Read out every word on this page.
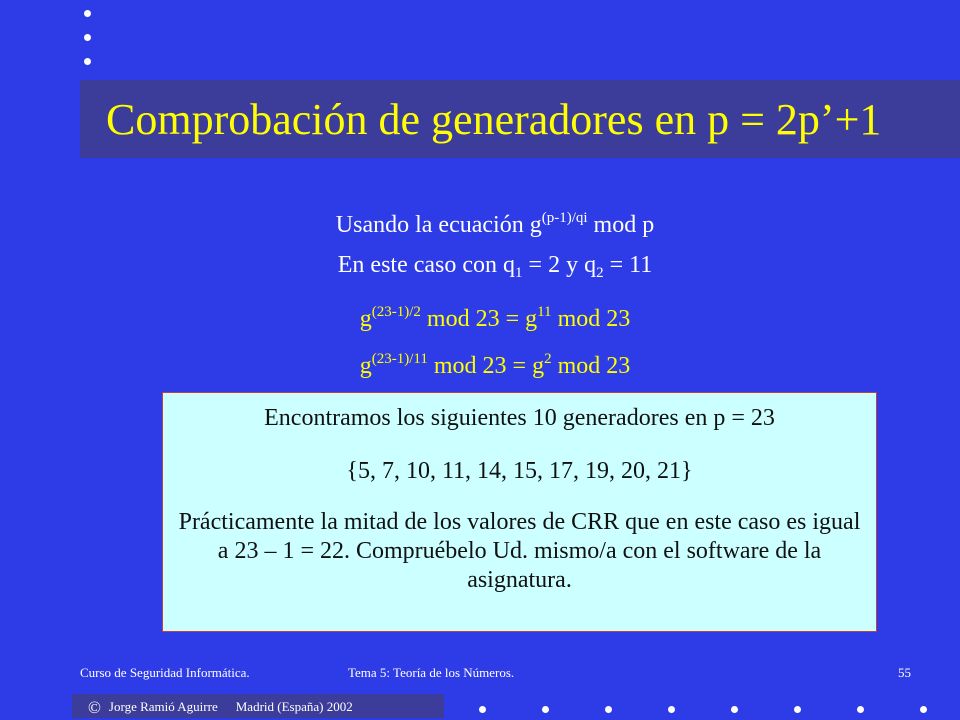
Comprobación de generadores en p = 2p’+1
Usando la ecuación $g^{(p-1)/qi}$ mod p
En este caso con $q_1 = 2$ y $q_2 = 11$
$g^{(23-1)/2}$ mod $23 = g^{11}$ mod 23
$g^{(23-1)/11}$ mod $23 = g^2$ mod 23

Encontramos los siguientes 10 generadores en p = 23

{5, 7, 10, 11, 14, 15, 17, 19, 20, 21}

Prácticamente la mitad de los valores de CRR que en este caso es igual a 23 – 1 = 22. Compruébelo Ud. mismo/a con el software de la asignatura.

Curso de Seguridad Informática.	Tema 5: Teoría de los Números.	55
© Jorge Ramió Aguirre Madrid (España) 2002
